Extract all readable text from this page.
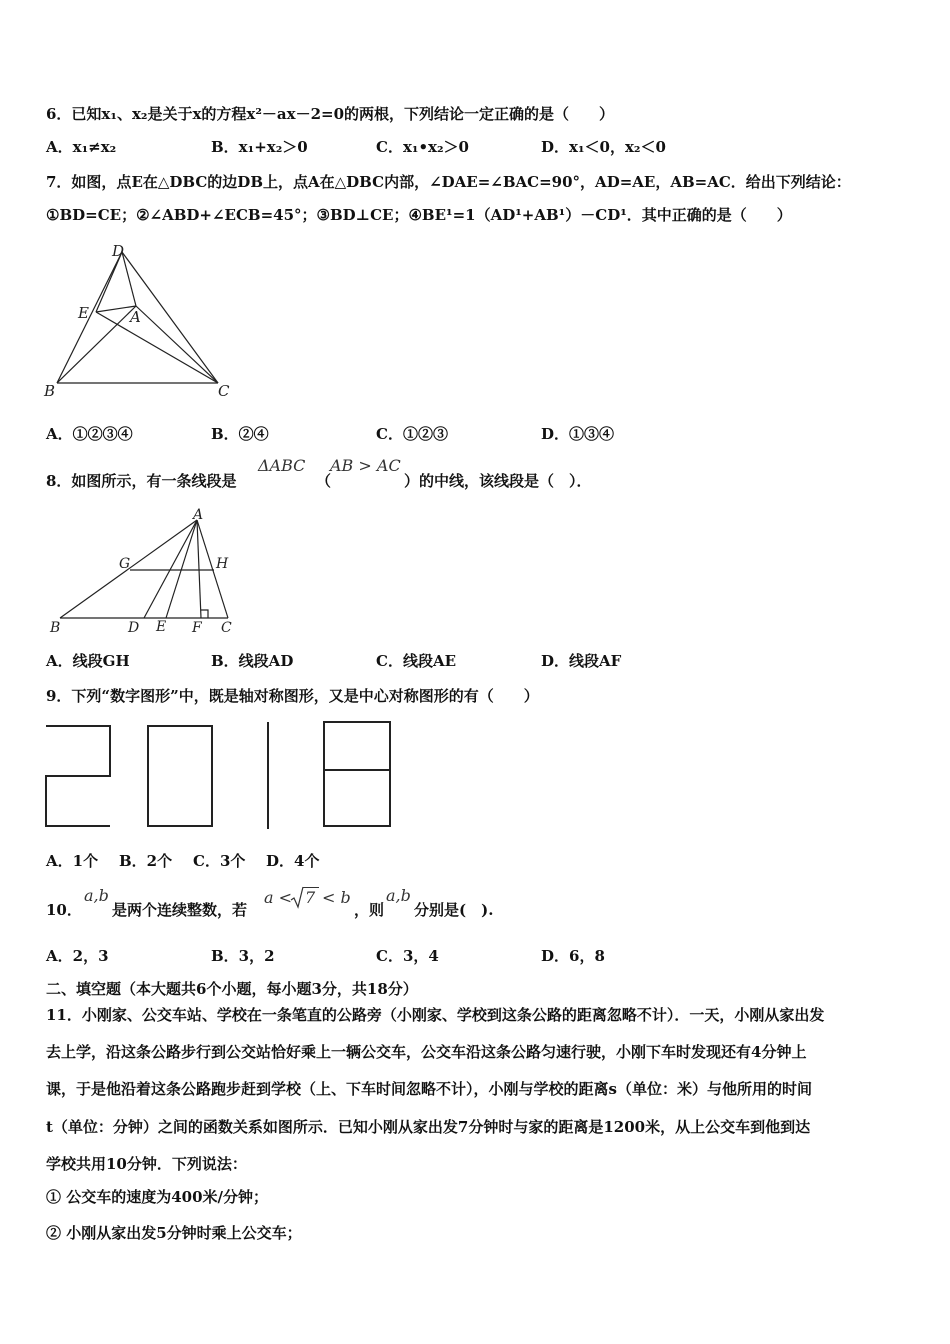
6．已知x₁、x₂是关于x的方程x²－ax－2=0的两根，下列结论一定正确的是（　　）
A．x₁≠x₂	B．x₁+x₂＞0	C．x₁•x₂＞0	D．x₁＜0，x₂＜0
7．如图，点E在△DBC的边DB上，点A在△DBC内部，∠DAE=∠BAC=90°，AD=AE，AB=AC．给出下列结论：
①BD=CE；②∠ABD+∠ECB=45°；③BD⊥CE；④BE¹=1（AD¹+AB¹）－CD¹．其中正确的是（　　）
D
E	A
B	C
A．①②③④	B．②④	C．①②③	D．①③④
8．如图所示，有一条线段是
ΔABC
（
AB > AC
）的中线，该线段是（　）．
A
G	H
B	D E F C
A．线段GH	B．线段AD	C．线段AE	D．线段AF
9．下列“数字图形”中，既是轴对称图形，又是中心对称图形的有（　　）
A．1个 B．2个 C．3个 D．4个
10．
a,b
是两个连续整数，若
a < 7 < b
，则
a,b
分别是(　).
A．2，3	B．3，2	C．3，4	D．6，8
二、填空题（本大题共6个小题，每小题3分，共18分）
11．小刚家、公交车站、学校在一条笔直的公路旁（小刚家、学校到这条公路的距离忽略不计）．一天，小刚从家出发
去上学，沿这条公路步行到公交站恰好乘上一辆公交车，公交车沿这条公路匀速行驶，小刚下车时发现还有4分钟上
课，于是他沿着这条公路跑步赶到学校（上、下车时间忽略不计），小刚与学校的距离s（单位：米）与他所用的时间
t（单位：分钟）之间的函数关系如图所示．已知小刚从家出发7分钟时与家的距离是1200米，从上公交车到他到达
学校共用10分钟．下列说法：
① 公交车的速度为400米/分钟；
② 小刚从家出发5分钟时乘上公交车；
